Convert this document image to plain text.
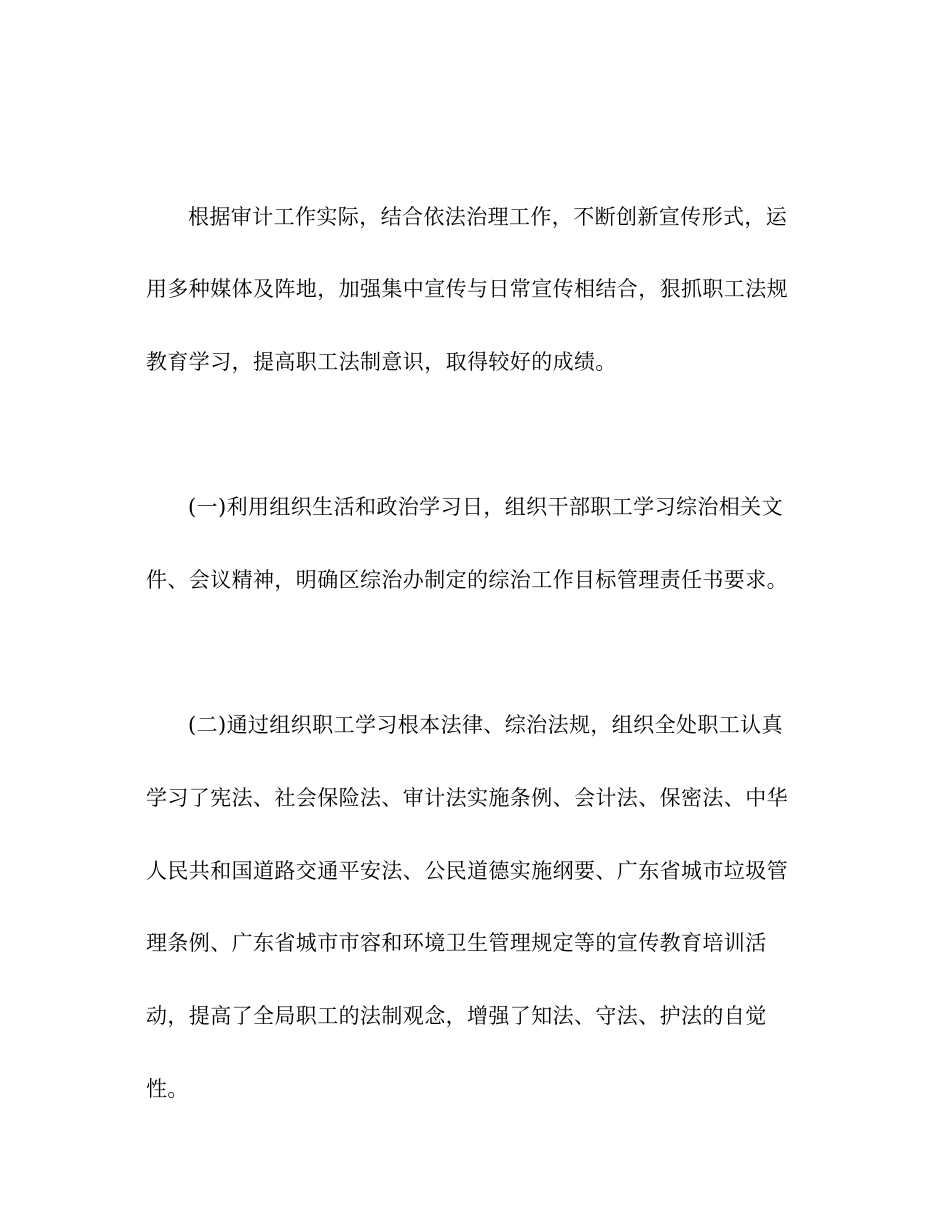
根据审计工作实际，结合依法治理工作，不断创新宣传形式，运
用多种媒体及阵地，加强集中宣传与日常宣传相结合，狠抓职工法规
教育学习，提高职工法制意识，取得较好的成绩。
(一)利用组织生活和政治学习日，组织干部职工学习综治相关文
件、会议精神，明确区综治办制定的综治工作目标管理责任书要求。
(二)通过组织职工学习根本法律、综治法规，组织全处职工认真
学习了宪法、社会保险法、审计法实施条例、会计法、保密法、中华
人民共和国道路交通平安法、公民道德实施纲要、广东省城市垃圾管
理条例、广东省城市市容和环境卫生管理规定等的宣传教育培训活
动，提高了全局职工的法制观念，增强了知法、守法、护法的自觉
性。
